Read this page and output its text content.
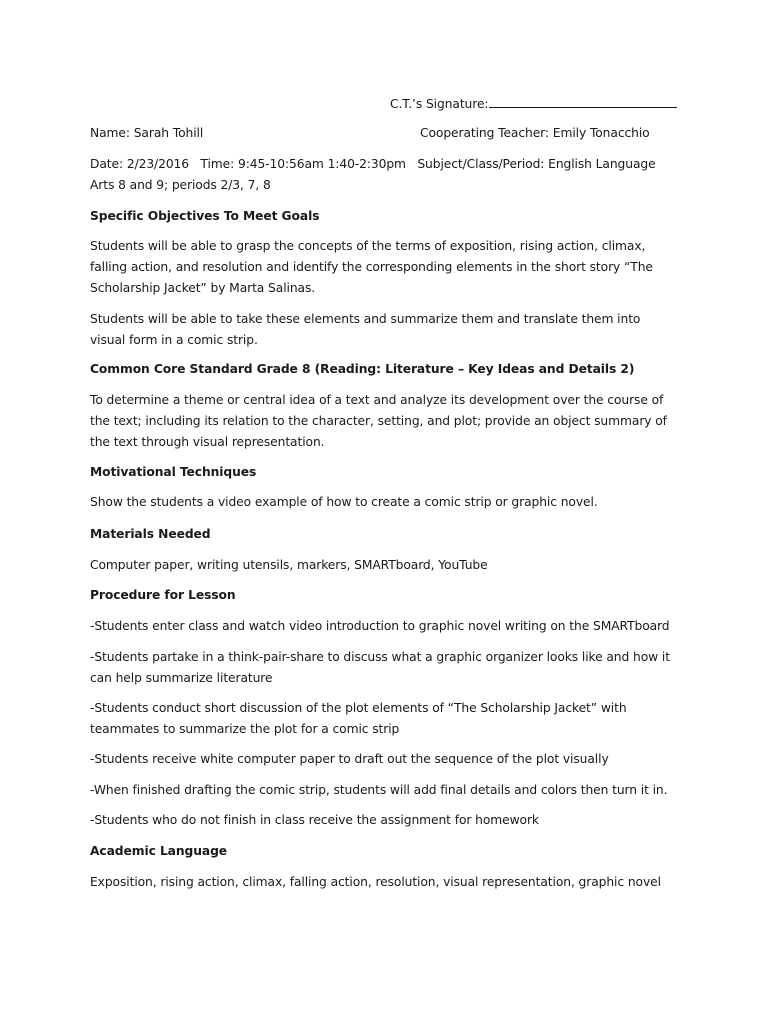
C.T.’s Signature:
Name: Sarah Tohill	Cooperating Teacher: Emily Tonacchio
Date: 2/23/2016   Time: 9:45-10:56am 1:40-2:30pm   Subject/Class/Period: English Language
Arts 8 and 9; periods 2/3, 7, 8
Specific Objectives To Meet Goals
Students will be able to grasp the concepts of the terms of exposition, rising action, climax,
falling action, and resolution and identify the corresponding elements in the short story “The
Scholarship Jacket” by Marta Salinas.
Students will be able to take these elements and summarize them and translate them into
visual form in a comic strip.
Common Core Standard Grade 8 (Reading: Literature – Key Ideas and Details 2)
To determine a theme or central idea of a text and analyze its development over the course of
the text; including its relation to the character, setting, and plot; provide an object summary of
the text through visual representation.
Motivational Techniques
Show the students a video example of how to create a comic strip or graphic novel.
Materials Needed
Computer paper, writing utensils, markers, SMARTboard, YouTube
Procedure for Lesson
-Students enter class and watch video introduction to graphic novel writing on the SMARTboard
-Students partake in a think-pair-share to discuss what a graphic organizer looks like and how it
can help summarize literature
-Students conduct short discussion of the plot elements of “The Scholarship Jacket” with
teammates to summarize the plot for a comic strip
-Students receive white computer paper to draft out the sequence of the plot visually
-When finished drafting the comic strip, students will add final details and colors then turn it in.
-Students who do not finish in class receive the assignment for homework
Academic Language
Exposition, rising action, climax, falling action, resolution, visual representation, graphic novel
